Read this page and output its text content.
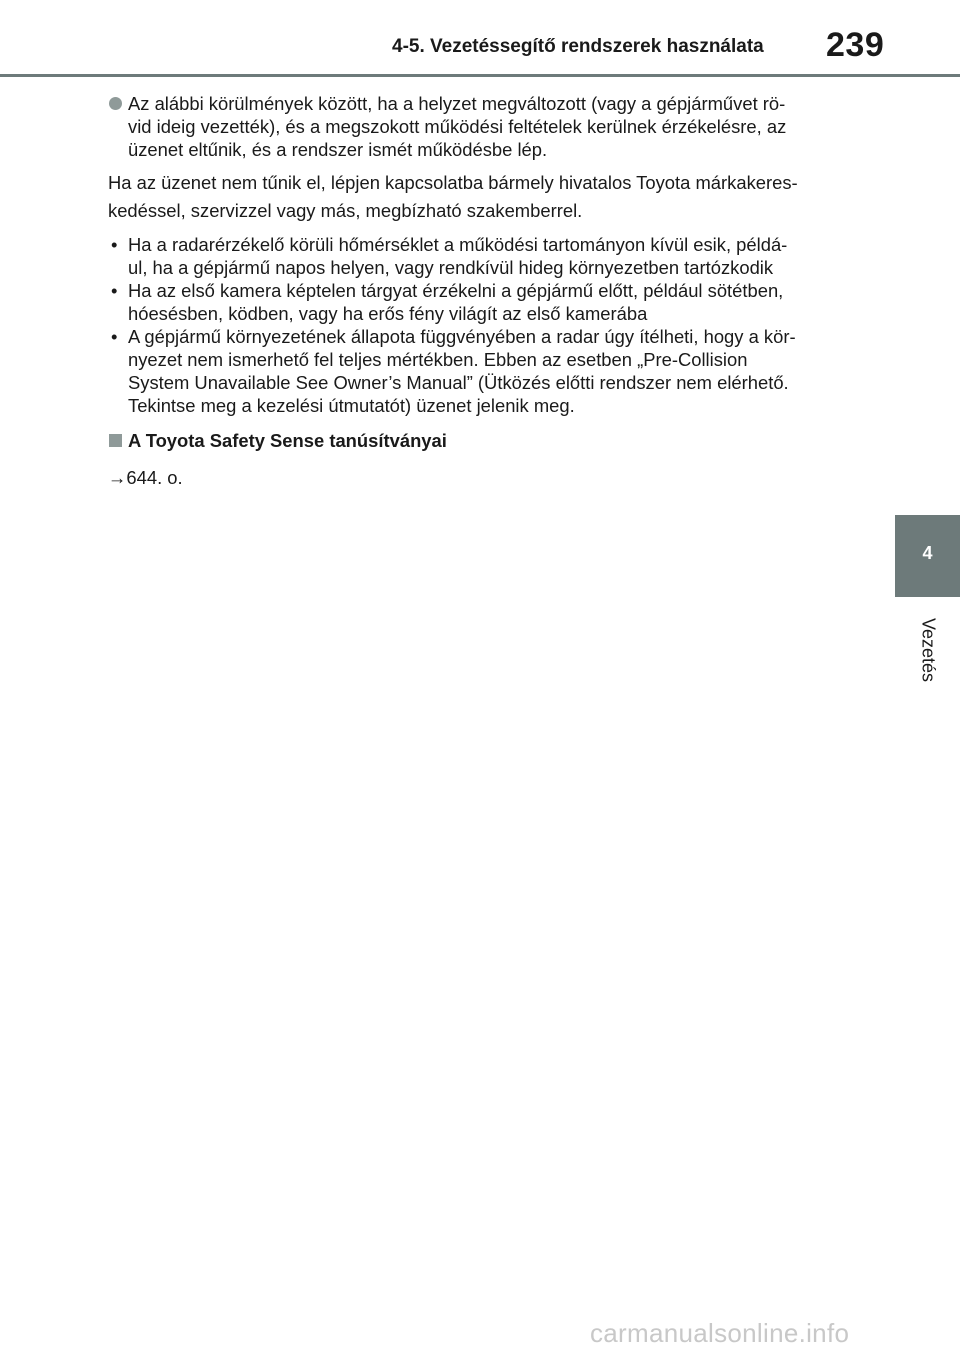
4-5. Vezetéssegítő rendszerek használata 239
Az alábbi körülmények között, ha a helyzet megváltozott (vagy a gépjárművet rö-
vid ideig vezették), és a megszokott működési feltételek kerülnek érzékelésre, az
üzenet eltűnik, és a rendszer ismét működésbe lép.
Ha az üzenet nem tűnik el, lépjen kapcsolatba bármely hivatalos Toyota márkakeres-
kedéssel, szervizzel vagy más, megbízható szakemberrel.
• Ha a radarérzékelő körüli hőmérséklet a működési tartományon kívül esik, példá-
ul, ha a gépjármű napos helyen, vagy rendkívül hideg környezetben tartózkodik
• Ha az első kamera képtelen tárgyat érzékelni a gépjármű előtt, például sötétben,
hóesésben, ködben, vagy ha erős fény világít az első kamerába
• A gépjármű környezetének állapota függvényében a radar úgy ítélheti, hogy a kör-
nyezet nem ismerhető fel teljes mértékben. Ebben az esetben „Pre-Collision
System Unavailable See Owner’s Manual” (Ütközés előtti rendszer nem elérhető.
Tekintse meg a kezelési útmutatót) üzenet jelenik meg.
A Toyota Safety Sense tanúsítványai
→644. o.
4
Vezetés
carmanualsonline.info
